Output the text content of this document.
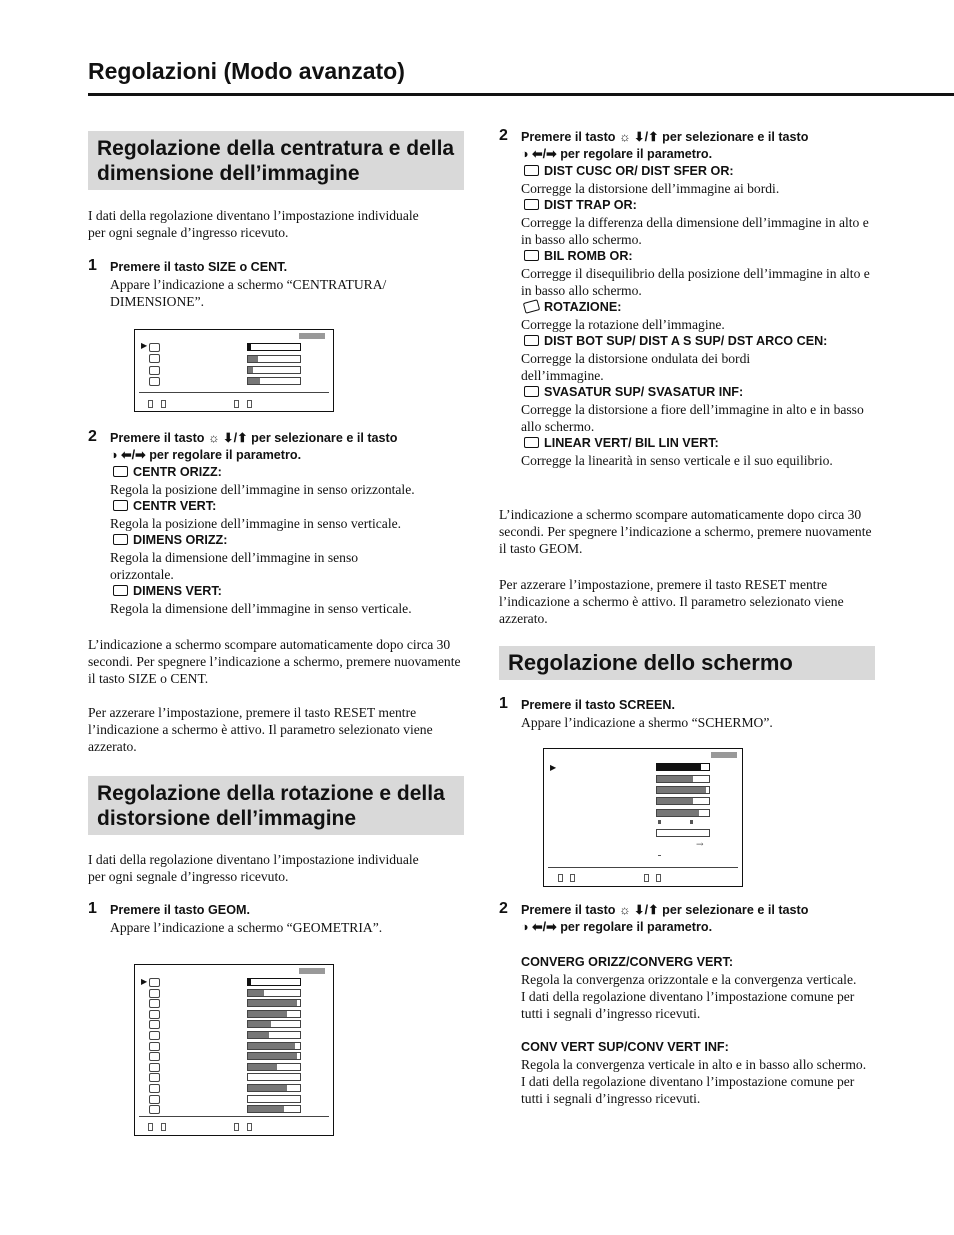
Regolazioni (Modo avanzato)
Regolazione della centratura e della dimensione dell’immagine
I dati della regolazione diventano l’impostazione individuale per ogni segnale d’ingresso ricevuto.
1 Premere il tasto SIZE o CENT.
Appare l’indicazione a schermo “CENTRATURA/ DIMENSIONE”.
▶
2 Premere il tasto ☼ ⬇/⬆ per selezionare e il tasto
◑ ⬅/➡ per regolare il parametro.
CENTR ORIZZ:
Regola la posizione dell’immagine in senso orizzontale.
CENTR VERT:
Regola la posizione dell’immagine in senso verticale.
DIMENS ORIZZ:
Regola la dimensione dell’immagine in senso orizzontale.
DIMENS VERT:
Regola la dimensione dell’immagine in senso verticale.
L’indicazione a schermo scompare automaticamente dopo circa 30 secondi. Per spegnere l’indicazione a schermo, premere nuovamente il tasto SIZE o CENT.
Per azzerare l’impostazione, premere il tasto RESET mentre l’indicazione a schermo è attivo. Il parametro selezionato viene azzerato.
Regolazione della rotazione e della distorsione dell’immagine
I dati della regolazione diventano l’impostazione individuale per ogni segnale d’ingresso ricevuto.
1 Premere il tasto GEOM.
Appare l’indicazione a schermo “GEOMETRIA”.
▶
2 Premere il tasto ☼ ⬇/⬆ per selezionare e il tasto
◑ ⬅/➡ per regolare il parametro.
DIST CUSC OR/ DIST SFER OR:
Corregge la distorsione dell’immagine ai bordi.
DIST TRAP OR:
Corregge la differenza della dimensione dell’immagine in alto e in basso allo schermo.
BIL ROMB OR:
Corregge il disequilibrio della posizione dell’immagine in alto e in basso allo schermo.
ROTAZIONE:
Corregge la rotazione dell’immagine.
DIST BOT SUP/ DIST A S SUP/ DST ARCO CEN:
Corregge la distorsione ondulata dei bordi dell’immagine.
SVASATUR SUP/ SVASATUR INF:
Corregge la distorsione a fiore dell’immagine in alto e in basso allo schermo.
LINEAR VERT/ BIL LIN VERT:
Corregge la linearità in senso verticale e il suo equilibrio.
L’indicazione a schermo scompare automaticamente dopo circa 30 secondi. Per spegnere l’indicazione a schermo, premere nuovamente il tasto GEOM.
Per azzerare l’impostazione, premere il tasto RESET mentre l’indicazione a schermo è attivo. Il parametro selezionato viene azzerato.
Regolazione dello schermo
1 Premere il tasto SCREEN.
Appare l’indicazione a shermo “SCHERMO”.
▶
→
2 Premere il tasto ☼ ⬇/⬆ per selezionare e il tasto
◑ ⬅/➡ per regolare il parametro.
CONVERG ORIZZ/CONVERG VERT:
Regola la convergenza orizzontale e la convergenza verticale.
I dati della regolazione diventano l’impostazione comune per tutti i segnali d’ingresso ricevuti.
CONV VERT SUP/CONV VERT INF:
Regola la convergenza verticale in alto e in basso allo schermo.
I dati della regolazione diventano l’impostazione comune per tutti i segnali d’ingresso ricevuti.
